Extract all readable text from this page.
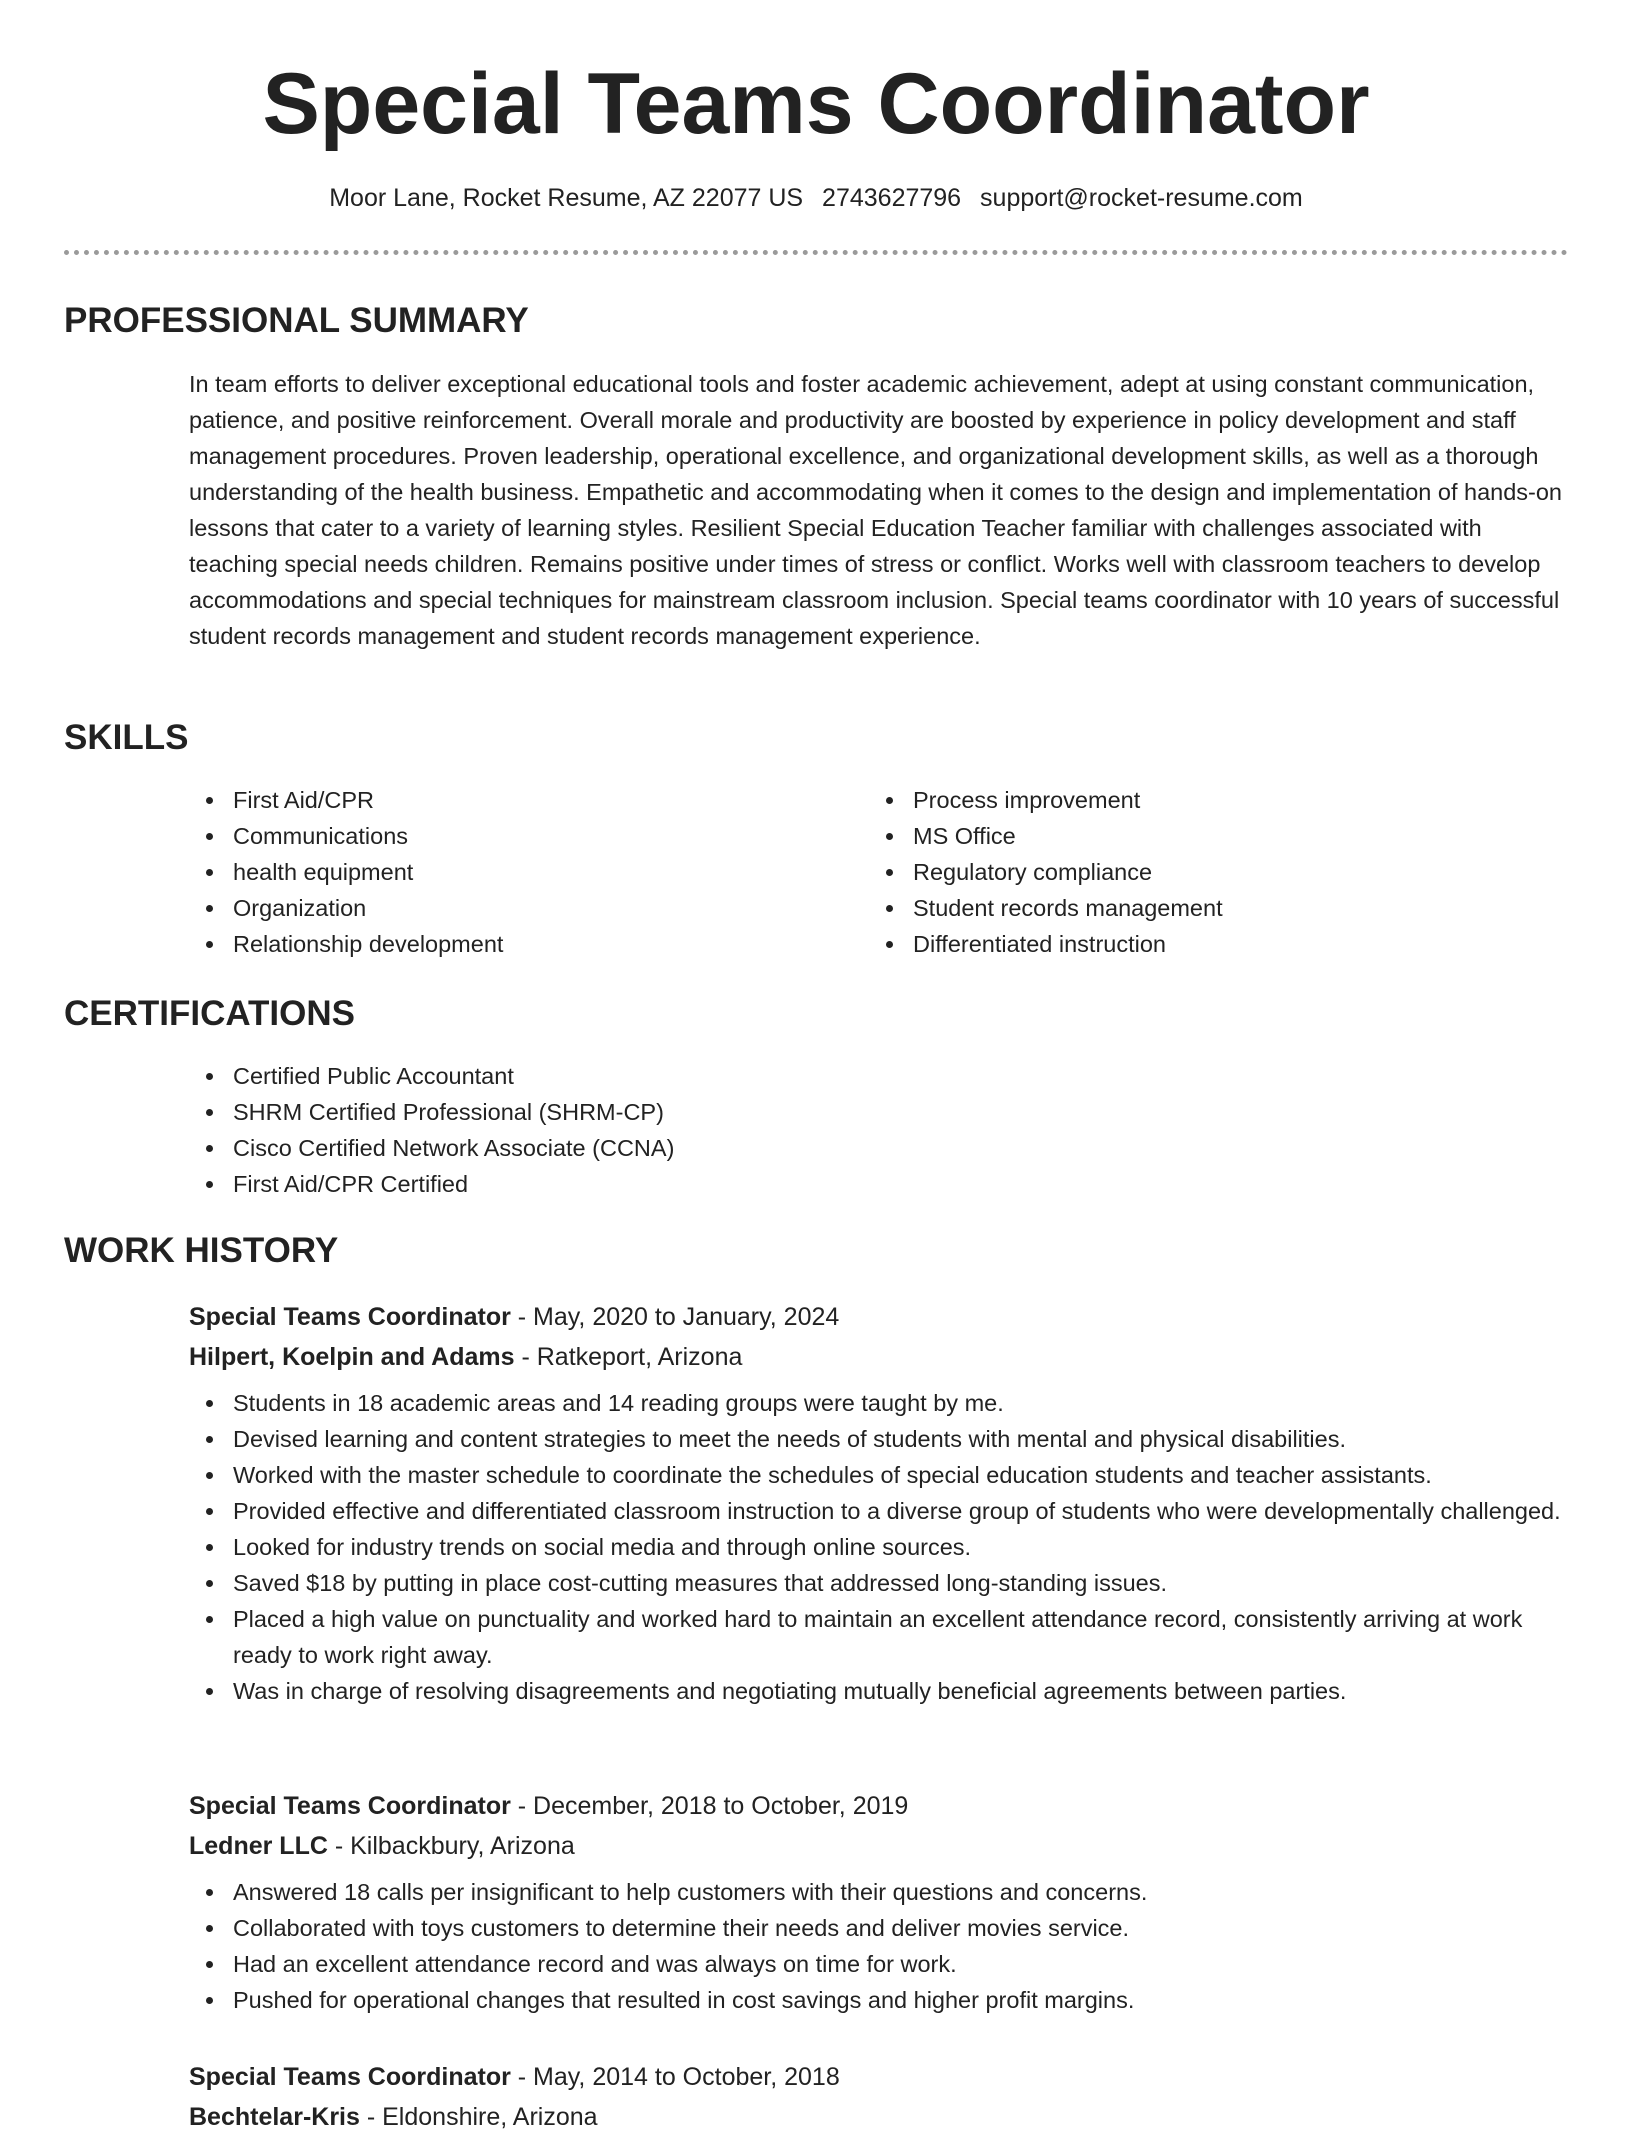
Special Teams Coordinator
Moor Lane, Rocket Resume, AZ 22077 US 2743627796 support@rocket-resume.com
PROFESSIONAL SUMMARY

In team efforts to deliver exceptional educational tools and foster academic achievement, adept at using constant communication, patience, and positive reinforcement. Overall morale and productivity are boosted by experience in policy development and staff management procedures. Proven leadership, operational excellence, and organizational development skills, as well as a thorough understanding of the health business. Empathetic and accommodating when it comes to the design and implementation of hands-on lessons that cater to a variety of learning styles. Resilient Special Education Teacher familiar with challenges associated with teaching special needs children. Remains positive under times of stress or conflict. Works well with classroom teachers to develop accommodations and special techniques for mainstream classroom inclusion. Special teams coordinator with 10 years of successful student records management and student records management experience.

SKILLS
First Aid/CPR
Communications
health equipment
Organization
Relationship development
Process improvement
MS Office
Regulatory compliance
Student records management
Differentiated instruction
CERTIFICATIONS
Certified Public Accountant
SHRM Certified Professional (SHRM-CP)
Cisco Certified Network Associate (CCNA)
First Aid/CPR Certified
WORK HISTORY
Special Teams Coordinator - May, 2020 to January, 2024
Hilpert, Koelpin and Adams - Ratkeport, Arizona
Students in 18 academic areas and 14 reading groups were taught by me.
Devised learning and content strategies to meet the needs of students with mental and physical disabilities.
Worked with the master schedule to coordinate the schedules of special education students and teacher assistants.
Provided effective and differentiated classroom instruction to a diverse group of students who were developmentally challenged.
Looked for industry trends on social media and through online sources.
Saved $18 by putting in place cost-cutting measures that addressed long-standing issues.
Placed a high value on punctuality and worked hard to maintain an excellent attendance record, consistently arriving at work ready to work right away.
Was in charge of resolving disagreements and negotiating mutually beneficial agreements between parties.
Special Teams Coordinator - December, 2018 to October, 2019
Ledner LLC - Kilbackbury, Arizona
Answered 18 calls per insignificant to help customers with their questions and concerns.
Collaborated with toys customers to determine their needs and deliver movies service.
Had an excellent attendance record and was always on time for work.
Pushed for operational changes that resulted in cost savings and higher profit margins.
Special Teams Coordinator - May, 2014 to October, 2018
Bechtelar-Kris - Eldonshire, Arizona
